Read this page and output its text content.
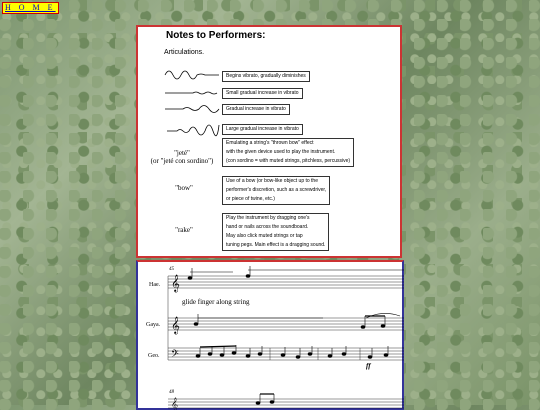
H O M E
Notes to Performers:
Articulations.
Begins vibrato, gradually diminishes
Small gradual increase in vibrato
Gradual increase in vibrato
Large gradual increase in vibrato
"jeté"
(or "jeté con sordino")
Emulating a string's "thrown bow" effect
with the given device used to play the instrument.
(con sordino = with muted strings, pitchless, percussive)
"bow"
Use of a bow (or bow-like object up to the
performer's discretion, such as a screwdriver,
or piece of twine, etc.)
"rake"
Play the instrument by dragging one's
hand or nails across the soundboard.
May also click muted strings or tap
tuning pegs. Main effect is a dragging sound.
45
Hae.
glide finger along string
Gaya.
Geo.
ff
48
𝄞
𝄞
𝄢
𝄞
